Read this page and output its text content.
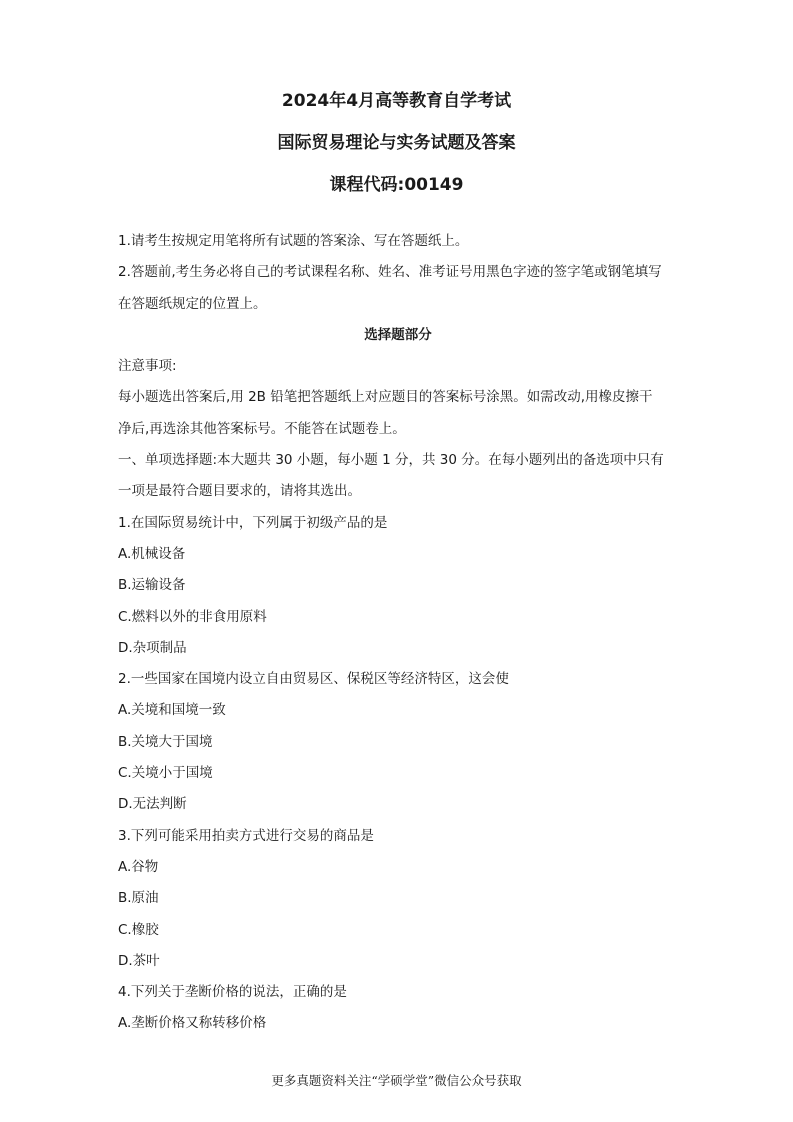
2024年4月高等教育自学考试
国际贸易理论与实务试题及答案
课程代码:00149

1.请考生按规定用笔将所有试题的答案涂、写在答题纸上。

2.答题前,考生务必将自己的考试课程名称、姓名、准考证号用黑色字迹的签字笔或钢笔填写

在答题纸规定的位置上。

选择题部分

注意事项:

每小题选出答案后,用 2B 铅笔把答题纸上对应题目的答案标号涂黑。如需改动,用橡皮擦干

净后,再选涂其他答案标号。不能答在试题卷上。

一、单项选择题:本大题共 30 小题，每小题 1 分，共 30 分。在每小题列出的备选项中只有

一项是最符合题目要求的，请将其选出。

1.在国际贸易统计中，下列属于初级产品的是

A.机械设备

B.运输设备

C.燃料以外的非食用原料

D.杂项制品

2.一些国家在国境内设立自由贸易区、保税区等经济特区，这会使

A.关境和国境一致

B.关境大于国境

C.关境小于国境

D.无法判断

3.下列可能采用拍卖方式进行交易的商品是

A.谷物

B.原油

C.橡胶

D.茶叶

4.下列关于垄断价格的说法，正确的是

A.垄断价格又称转移价格

更多真题资料关注“学硕学堂”微信公众号获取
